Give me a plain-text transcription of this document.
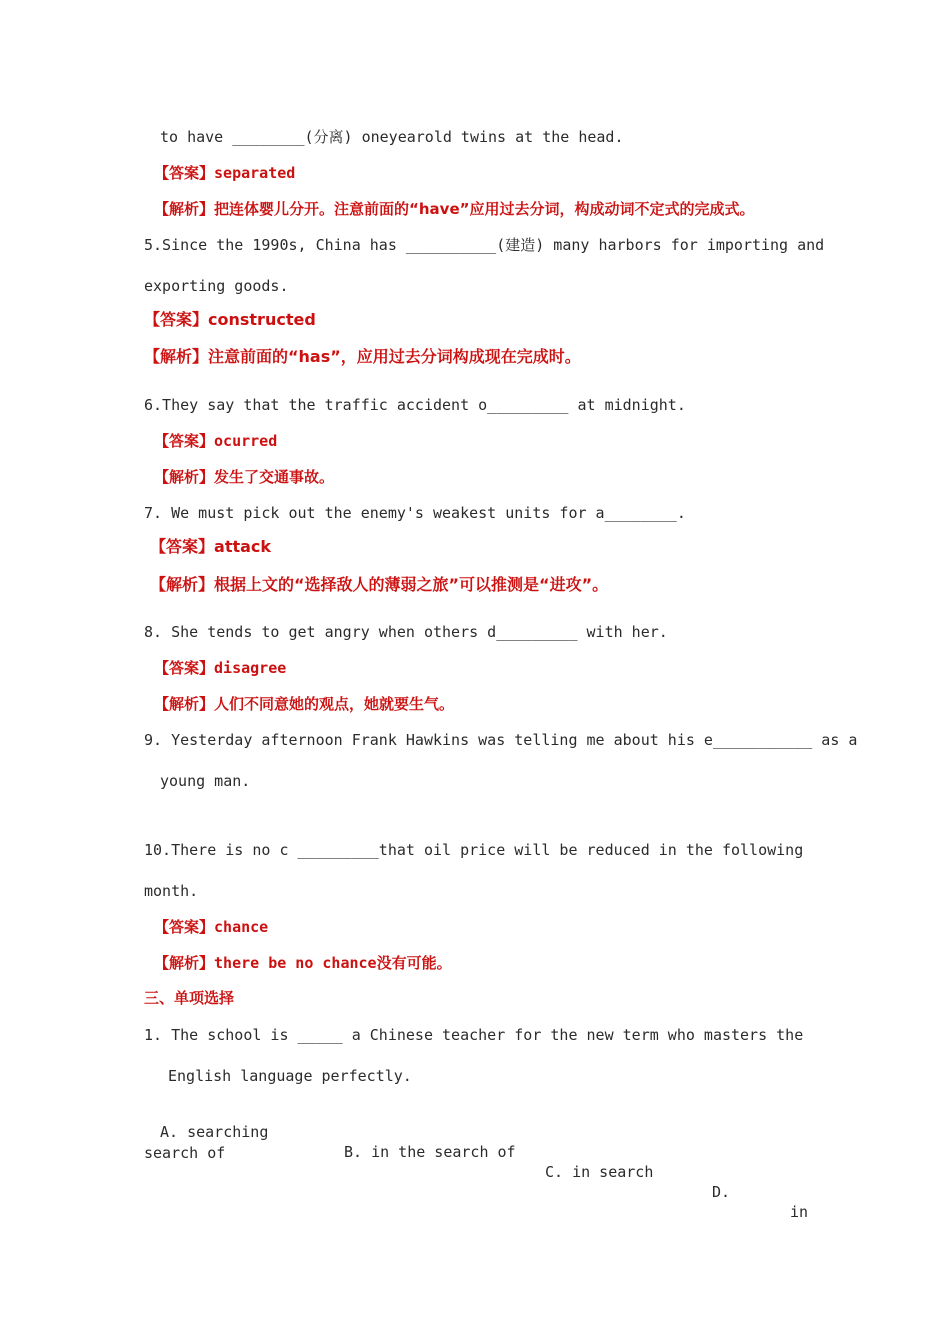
to have ________(分离) oneyearold twins at the head.
【答案】separated
【解析】把连体婴儿分开。注意前面的“have”应用过去分词，构成动词不定式的完成式。
5.Since the 1990s, China has __________(建造) many harbors for importing and
exporting goods.
【答案】constructed
【解析】注意前面的“has”，应用过去分词构成现在完成时。
6.They say that the traffic accident o_________ at midnight.
【答案】ocurred
【解析】发生了交通事故。
7. We must pick out the enemy's weakest units for a________.
【答案】attack
【解析】根据上文的“选择敌人的薄弱之旅”可以推测是“进攻”。
8. She tends to get angry when others d_________ with her.
【答案】disagree
【解析】人们不同意她的观点，她就要生气。
9. Yesterday afternoon Frank Hawkins was telling me about his e___________ as a
young man.
10.There is no c _________that oil price will be reduced in the following
month.
【答案】chance
【解析】there be no chance没有可能。
三、单项选择
1. The school is _____ a Chinese teacher for the new term who masters the
English language perfectly.

A. searching

B. in the search of

C. in search

D.

in

search of
